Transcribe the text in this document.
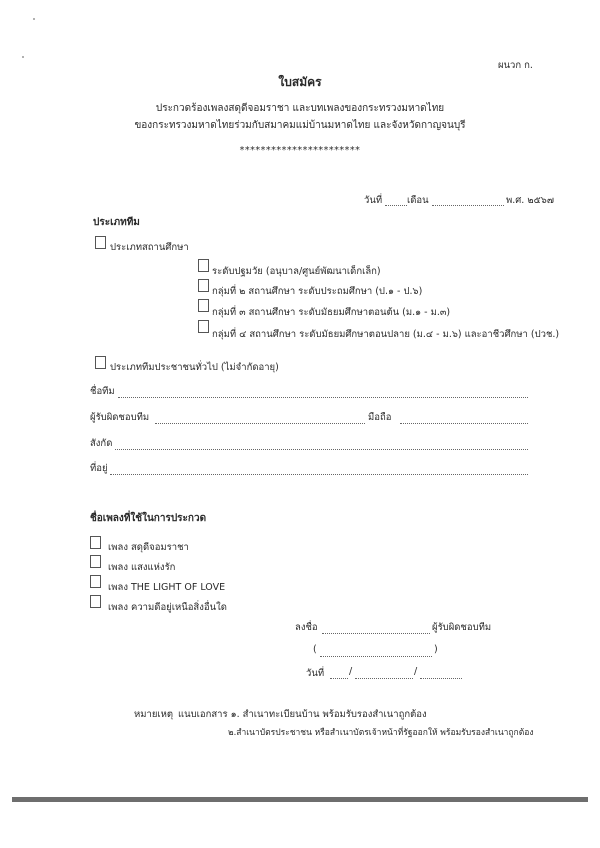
ผนวก ก.
ใบสมัคร
ประกวดร้องเพลงสดุดีจอมราชา และบทเพลงของกระทรวงมหาดไทย
ของกระทรวงมหาดไทยร่วมกับสมาคมแม่บ้านมหาดไทย และจังหวัดกาญจนบุรี
***********************
วันที่	เดือน	พ.ศ. ๒๕๖๗
ประเภททีม
ประเภทสถานศึกษา
ระดับปฐมวัย (อนุบาล/ศูนย์พัฒนาเด็กเล็ก)
กลุ่มที่ ๒ สถานศึกษา ระดับประถมศึกษา (ป.๑ - ป.๖)
กลุ่มที่ ๓ สถานศึกษา ระดับมัธยมศึกษาตอนต้น (ม.๑ - ม.๓)
กลุ่มที่ ๔ สถานศึกษา ระดับมัธยมศึกษาตอนปลาย (ม.๔ - ม.๖) และอาชีวศึกษา (ปวช.)
ประเภททีมประชาชนทั่วไป (ไม่จำกัดอายุ)
ชื่อทีม
ผู้รับผิดชอบทีม	มือถือ
สังกัด
ที่อยู่
ชื่อเพลงที่ใช้ในการประกวด
เพลง สดุดีจอมราชา
เพลง แสงแห่งรัก
เพลง THE LIGHT OF LOVE
เพลง ความดีอยู่เหนือสิ่งอื่นใด
ลงชื่อ	ผู้รับผิดชอบทีม
(	)
วันที่	/	/
หมายเหตุ แนบเอกสาร ๑. สำเนาทะเบียนบ้าน พร้อมรับรองสำเนาถูกต้อง
๒.สำเนาบัตรประชาชน หรือสำเนาบัตรเจ้าหน้าที่รัฐออกให้ พร้อมรับรองสำเนาถูกต้อง
